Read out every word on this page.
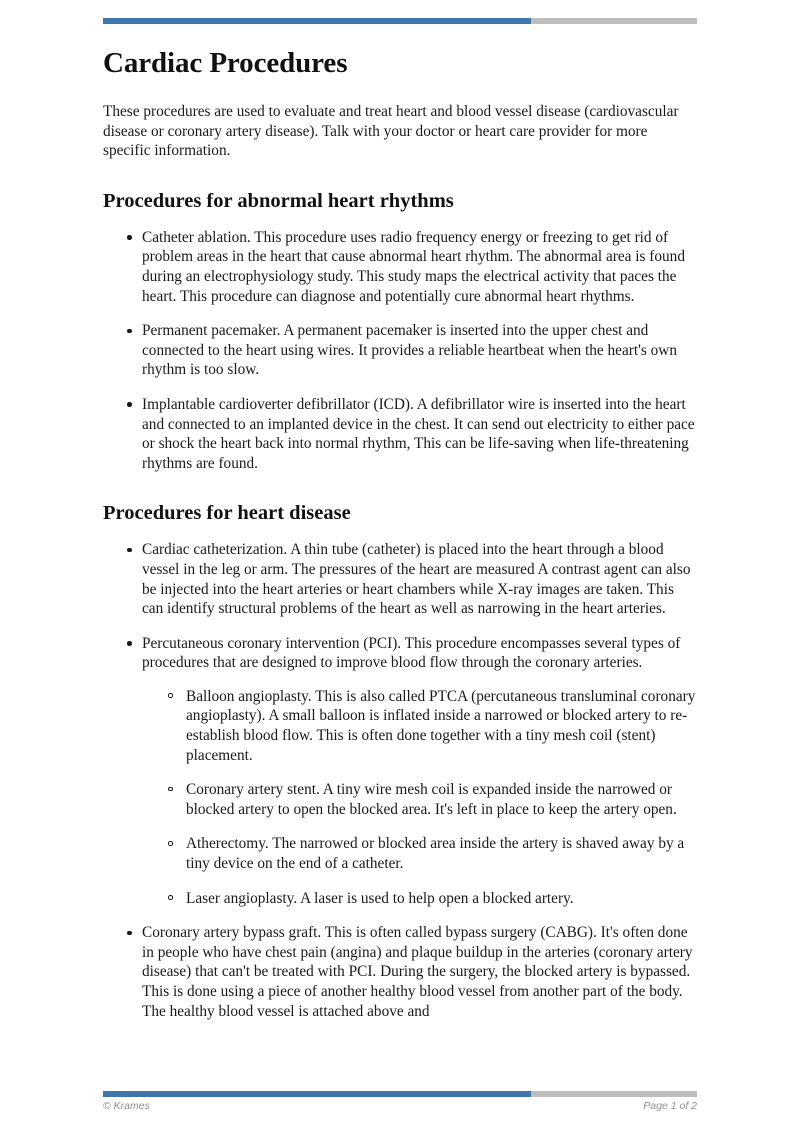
Cardiac Procedures

These procedures are used to evaluate and treat heart and blood vessel disease (cardiovascular disease or coronary artery disease). Talk with your doctor or heart care provider for more specific information.

Procedures for abnormal heart rhythms
Catheter ablation. This procedure uses radio frequency energy or freezing to get rid of problem areas in the heart that cause abnormal heart rhythm. The abnormal area is found during an electrophysiology study. This study maps the electrical activity that paces the heart. This procedure can diagnose and potentially cure abnormal heart rhythms.
Permanent pacemaker. A permanent pacemaker is inserted into the upper chest and connected to the heart using wires. It provides a reliable heartbeat when the heart's own rhythm is too slow.
Implantable cardioverter defibrillator (ICD). A defibrillator wire is inserted into the heart and connected to an implanted device in the chest. It can send out electricity to either pace or shock the heart back into normal rhythm, This can be life-saving when life-threatening rhythms are found.
Procedures for heart disease
Cardiac catheterization. A thin tube (catheter) is placed into the heart through a blood vessel in the leg or arm. The pressures of the heart are measured A contrast agent can also be injected into the heart arteries or heart chambers while X-ray images are taken. This can identify structural problems of the heart as well as narrowing in the heart arteries.
Percutaneous coronary intervention (PCI). This procedure encompasses several types of procedures that are designed to improve blood flow through the coronary arteries.
Balloon angioplasty. This is also called PTCA (percutaneous transluminal coronary angioplasty). A small balloon is inflated inside a narrowed or blocked artery to re-establish blood flow. This is often done together with a tiny mesh coil (stent) placement.
Coronary artery stent. A tiny wire mesh coil is expanded inside the narrowed or blocked artery to open the blocked area. It's left in place to keep the artery open.
Atherectomy. The narrowed or blocked area inside the artery is shaved away by a tiny device on the end of a catheter.
Laser angioplasty. A laser is used to help open a blocked artery.
Coronary artery bypass graft. This is often called bypass surgery (CABG). It's often done in people who have chest pain (angina) and plaque buildup in the arteries (coronary artery disease) that can't be treated with PCI. During the surgery, the blocked artery is bypassed. This is done using a piece of another healthy blood vessel from another part of the body. The healthy blood vessel is attached above and
© Krames	Page 1 of 2
